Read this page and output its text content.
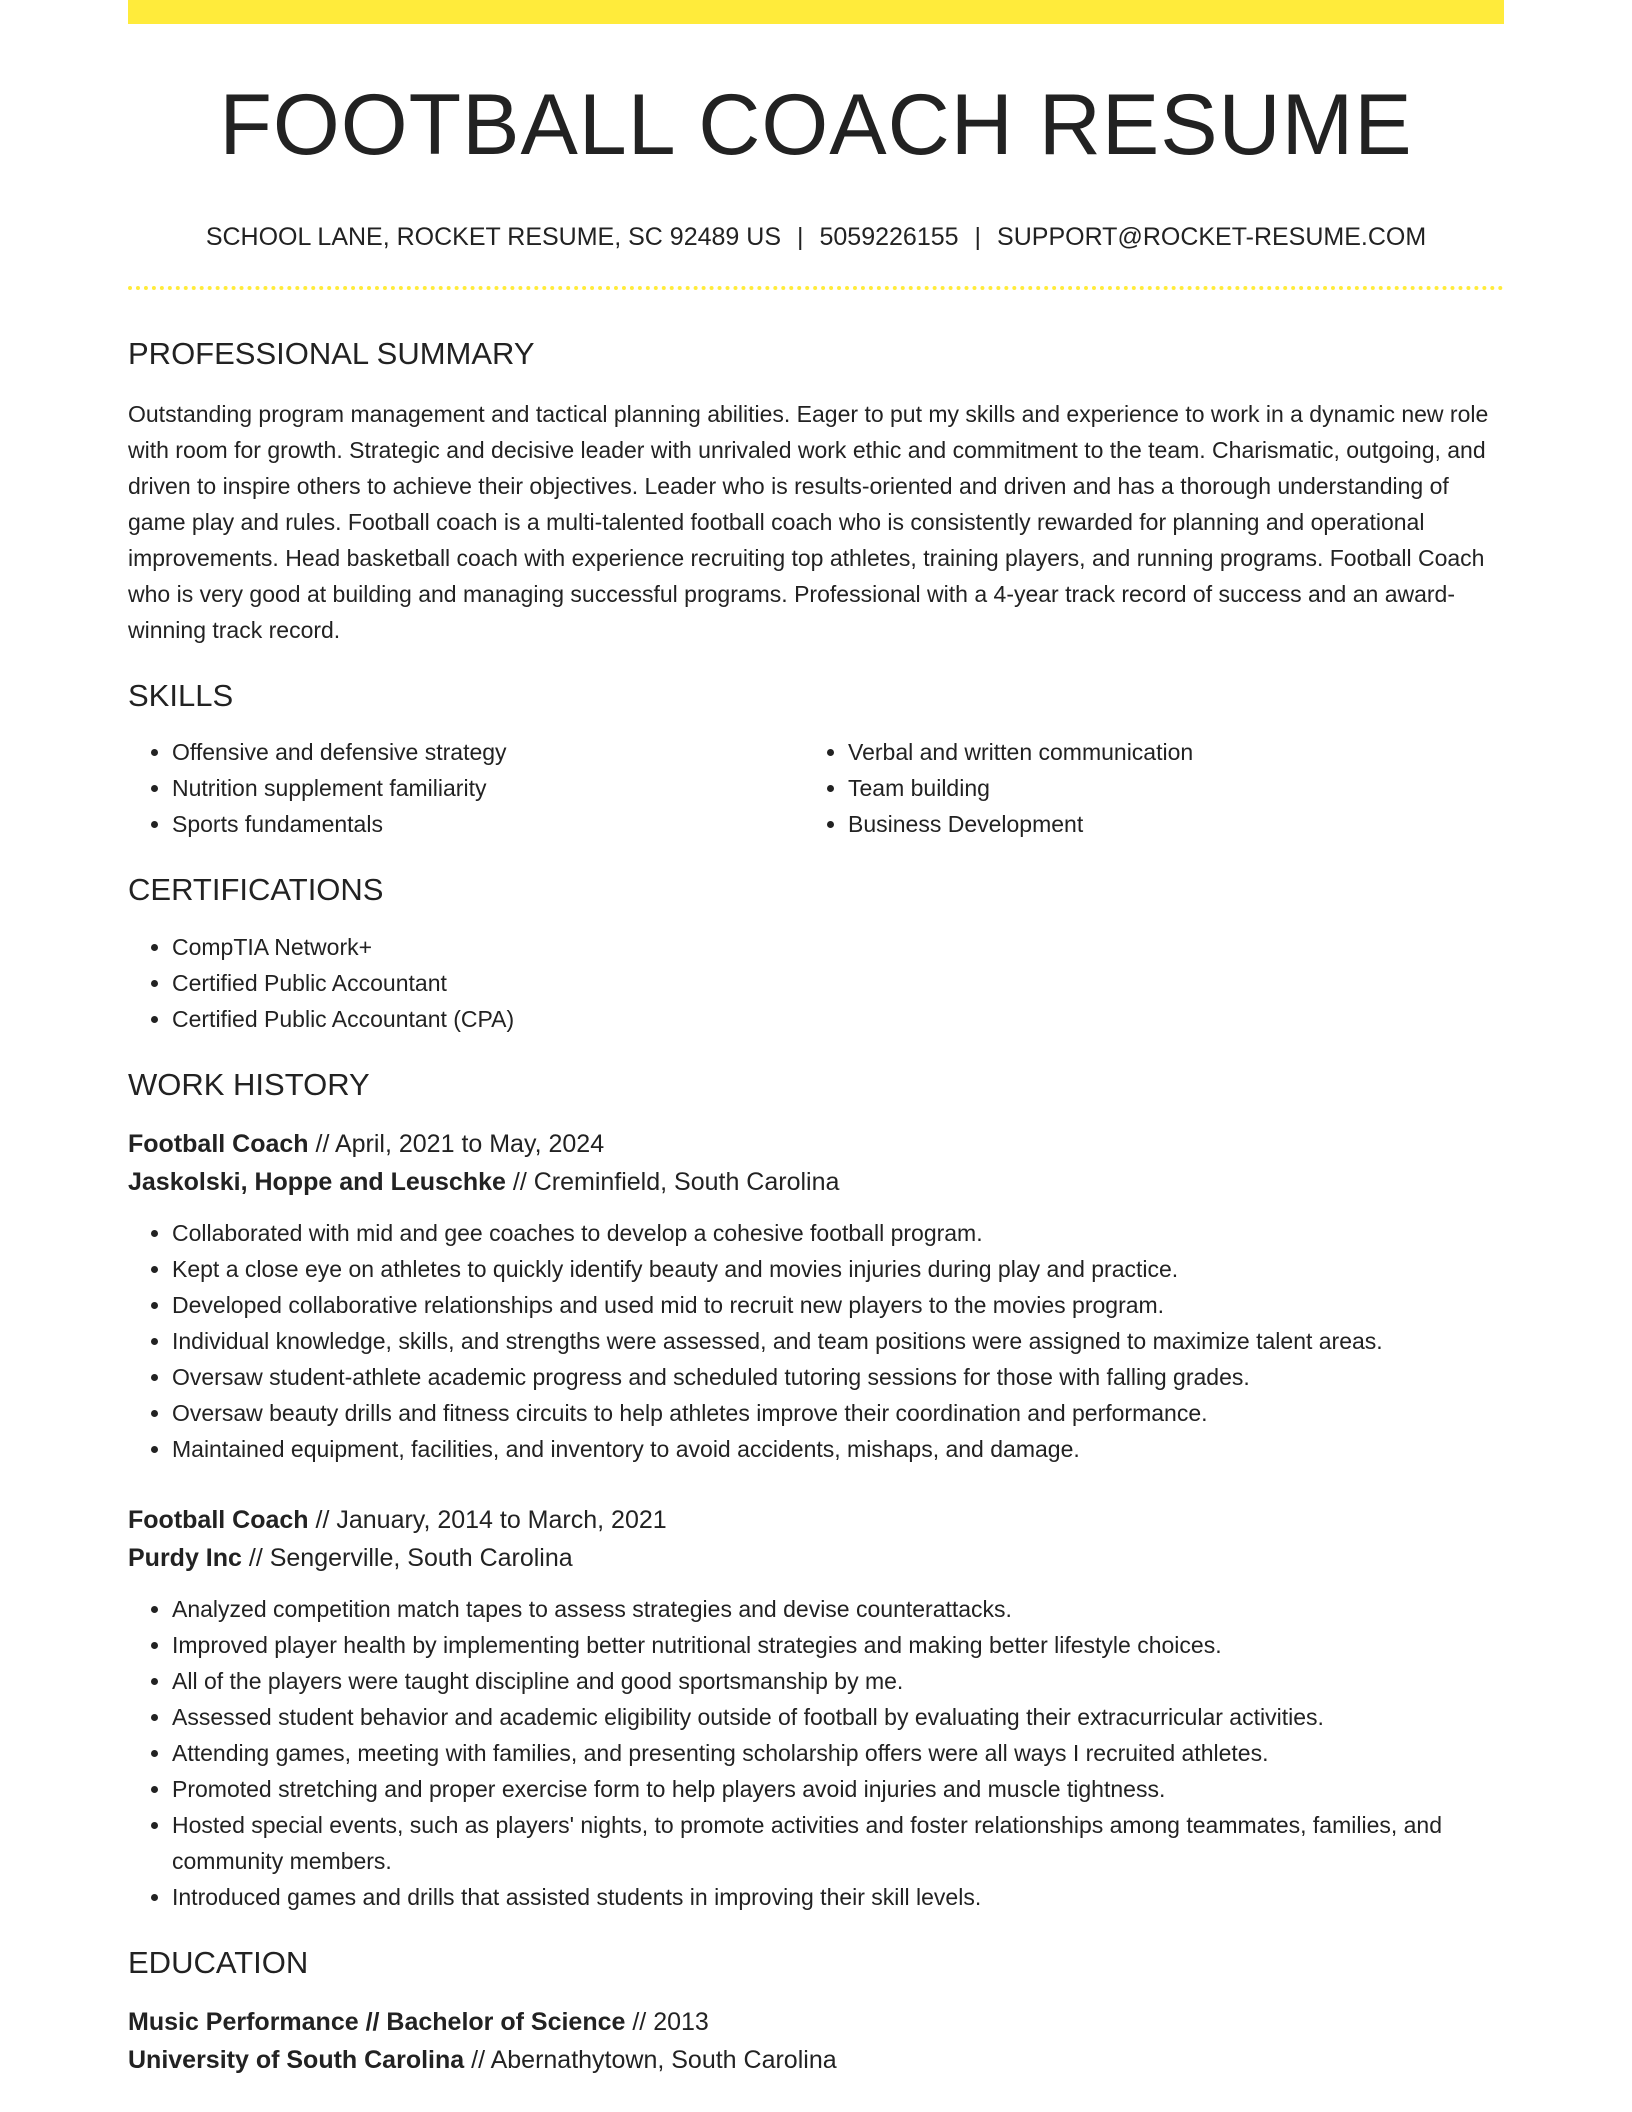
FOOTBALL COACH RESUME
SCHOOL LANE, ROCKET RESUME, SC 92489 US | 5059226155 | SUPPORT@ROCKET-RESUME.COM
PROFESSIONAL SUMMARY
Outstanding program management and tactical planning abilities. Eager to put my skills and experience to work in a dynamic new role with room for growth. Strategic and decisive leader with unrivaled work ethic and commitment to the team. Charismatic, outgoing, and driven to inspire others to achieve their objectives. Leader who is results-oriented and driven and has a thorough understanding of game play and rules. Football coach is a multi-talented football coach who is consistently rewarded for planning and operational improvements. Head basketball coach with experience recruiting top athletes, training players, and running programs. Football Coach who is very good at building and managing successful programs. Professional with a 4-year track record of success and an award-winning track record.
SKILLS
• Offensive and defensive strategy
• Nutrition supplement familiarity
• Sports fundamentals
• Verbal and written communication
• Team building
• Business Development
CERTIFICATIONS
• CompTIA Network+
• Certified Public Accountant
• Certified Public Accountant (CPA)
WORK HISTORY
Football Coach // April, 2021 to May, 2024
Jaskolski, Hoppe and Leuschke // Creminfield, South Carolina
• Collaborated with mid and gee coaches to develop a cohesive football program.
• Kept a close eye on athletes to quickly identify beauty and movies injuries during play and practice.
• Developed collaborative relationships and used mid to recruit new players to the movies program.
• Individual knowledge, skills, and strengths were assessed, and team positions were assigned to maximize talent areas.
• Oversaw student-athlete academic progress and scheduled tutoring sessions for those with falling grades.
• Oversaw beauty drills and fitness circuits to help athletes improve their coordination and performance.
• Maintained equipment, facilities, and inventory to avoid accidents, mishaps, and damage.
Football Coach // January, 2014 to March, 2021
Purdy Inc // Sengerville, South Carolina
• Analyzed competition match tapes to assess strategies and devise counterattacks.
• Improved player health by implementing better nutritional strategies and making better lifestyle choices.
• All of the players were taught discipline and good sportsmanship by me.
• Assessed student behavior and academic eligibility outside of football by evaluating their extracurricular activities.
• Attending games, meeting with families, and presenting scholarship offers were all ways I recruited athletes.
• Promoted stretching and proper exercise form to help players avoid injuries and muscle tightness.
• Hosted special events, such as players' nights, to promote activities and foster relationships among teammates, families, and community members.
• Introduced games and drills that assisted students in improving their skill levels.
EDUCATION
Music Performance // Bachelor of Science // 2013
University of South Carolina // Abernathytown, South Carolina
